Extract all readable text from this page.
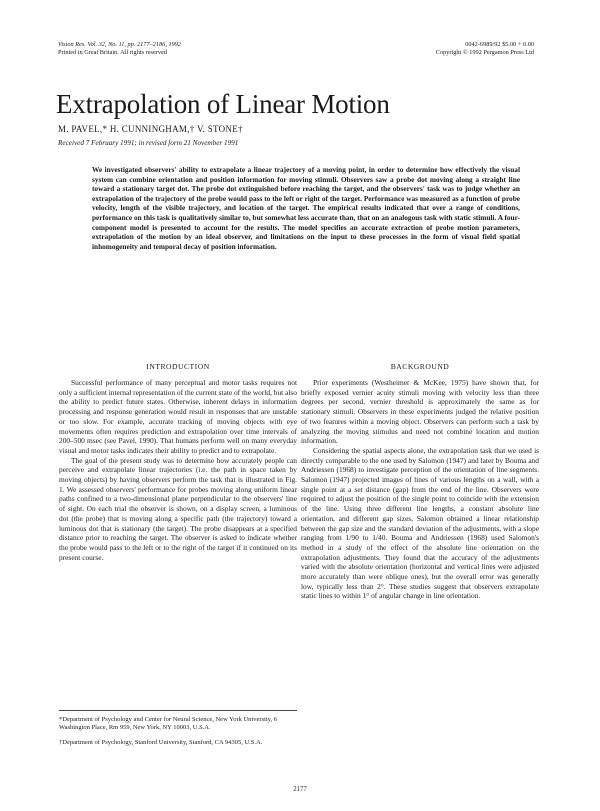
Vision Res. Vol. 32, No. 11, pp. 2177–2186, 1992
Printed in Great Britain. All rights reserved
0042-6989/92 $5.00 + 0.00
Copyright © 1992 Pergamon Press Ltd
Extrapolation of Linear Motion
M. PAVEL,* H. CUNNINGHAM,† V. STONE†
Received 7 February 1991; in revised form 21 November 1991
We investigated observers' ability to extrapolate a linear trajectory of a moving point, in order to determine how effectively the visual system can combine orientation and position information for moving stimuli. Observers saw a probe dot moving along a straight line toward a stationary target dot. The probe dot extinguished before reaching the target, and the observers' task was to judge whether an extrapolation of the trajectory of the probe would pass to the left or right of the target. Performance was measured as a function of probe velocity, length of the visible trajectory, and location of the target. The empirical results indicated that over a range of conditions, performance on this task is qualitatively similar to, but somewhat less accurate than, that on an analogous task with static stimuli. A four-component model is presented to account for the results. The model specifies an accurate extraction of probe motion parameters, extrapolation of the motion by an ideal observer, and limitations on the input to these processes in the form of visual field spatial inhomogeneity and temporal decay of position information.
INTRODUCTION

Successful performance of many perceptual and motor tasks requires not only a sufficient internal representation of the current state of the world, but also the ability to predict future states. Otherwise, inherent delays in information processing and response generation would result in responses that are unstable or too slow. For example, accurate tracking of moving objects with eye movements often requires prediction and extrapolation over time intervals of 200–500 msec (see Pavel, 1990). That humans perform well on many everyday visual and motor tasks indicates their ability to predict and to extrapolate.

The goal of the present study was to determine how accurately people can perceive and extrapolate linear trajectories (i.e. the path in space taken by moving objects) by having observers perform the task that is illustrated in Fig. 1. We assessed observers' performance for probes moving along uniform linear paths confined to a two-dimensional plane perpendicular to the observers' line of sight. On each trial the observer is shown, on a display screen, a luminous dot (the probe) that is moving along a specific path (the trajectory) toward a luminous dot that is stationary (the target). The probe disappears at a specified distance prior to reaching the target. The observer is asked to indicate whether the probe would pass to the left or to the right of the target if it continued on its present course.

BACKGROUND

Prior experiments (Westheimer & McKee, 1975) have shown that, for briefly exposed vernier acuity stimuli moving with velocity less than three degrees per second, vernier threshold is approximately the same as for stationary stimuli. Observers in these experiments judged the relative position of two features within a moving object. Observers can perform such a task by analyzing the moving stimulus and need not combine location and motion information.

Considering the spatial aspects alone, the extrapolation task that we used is directly comparable to the one used by Salomon (1947) and later by Bouma and Andriessen (1968) to investigate perception of the orientation of line segments. Salomon (1947) projected images of lines of various lengths on a wall, with a single point at a set distance (gap) from the end of the line. Observers were required to adjust the position of the single point to coincide with the extension of the line. Using three different line lengths, a constant absolute line orientation, and different gap sizes, Salomon obtained a linear relationship between the gap size and the standard deviation of the adjustments, with a slope ranging from 1/90 to 1/40. Bouma and Andriessen (1968) used Salomon's method in a study of the effect of the absolute line orientation on the extrapolation adjustments. They found that the accuracy of the adjustments varied with the absolute orientation (horizontal and vertical lines were adjusted more accurately than were oblique ones), but the overall error was generally low, typically less than 2°. These studies suggest that observers extrapolate static lines to within 1° of angular change in line orientation.

*Department of Psychology and Center for Neural Science, New York University, 6 Washington Place, Rm 959, New York, NY 10003, U.S.A.

†Department of Psychology, Stanford University, Stanford, CA 94305, U.S.A.

2177
